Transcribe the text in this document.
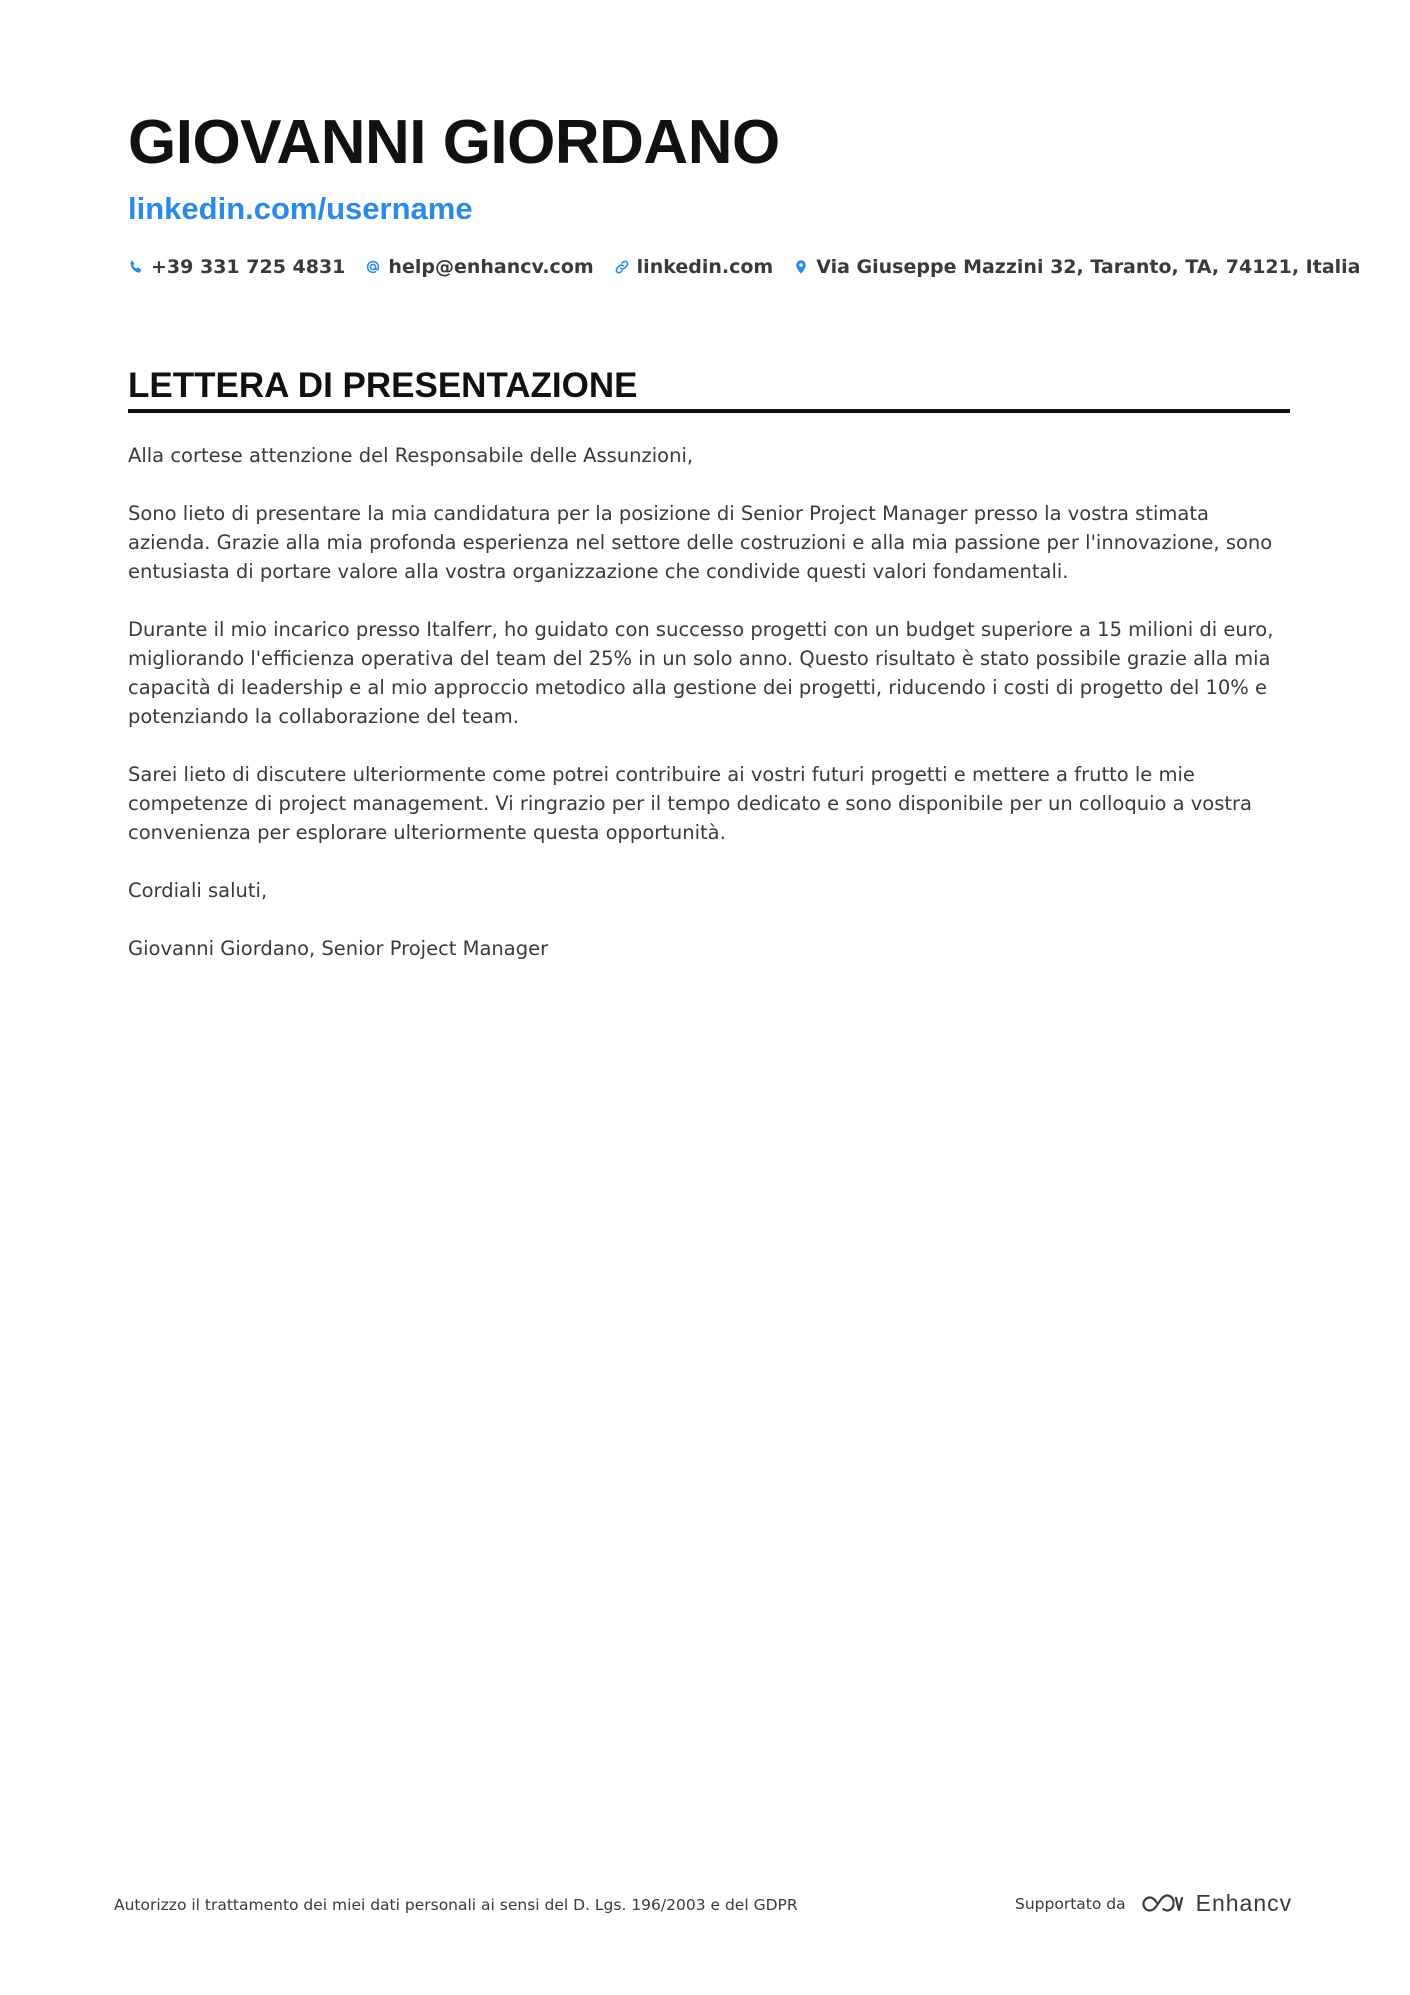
GIOVANNI GIORDANO
linkedin.com/username
+39 331 725 4831 help@enhancv.com linkedin.com Via Giuseppe Mazzini 32, Taranto, TA, 74121, Italia
LETTERA DI PRESENTAZIONE

Alla cortese attenzione del Responsabile delle Assunzioni,

Sono lieto di presentare la mia candidatura per la posizione di Senior Project Manager presso la vostra stimata azienda. Grazie alla mia profonda esperienza nel settore delle costruzioni e alla mia passione per l'innovazione, sono entusiasta di portare valore alla vostra organizzazione che condivide questi valori fondamentali.

Durante il mio incarico presso Italferr, ho guidato con successo progetti con un budget superiore a 15 milioni di euro, migliorando l'efficienza operativa del team del 25% in un solo anno. Questo risultato è stato possibile grazie alla mia capacità di leadership e al mio approccio metodico alla gestione dei progetti, riducendo i costi di progetto del 10% e potenziando la collaborazione del team.

Sarei lieto di discutere ulteriormente come potrei contribuire ai vostri futuri progetti e mettere a frutto le mie competenze di project management. Vi ringrazio per il tempo dedicato e sono disponibile per un colloquio a vostra convenienza per esplorare ulteriormente questa opportunità.

Cordiali saluti,

Giovanni Giordano, Senior Project Manager

Autorizzo il trattamento dei miei dati personali ai sensi del D. Lgs. 196/2003 e del GDPR	Supportato da	Enhancv
